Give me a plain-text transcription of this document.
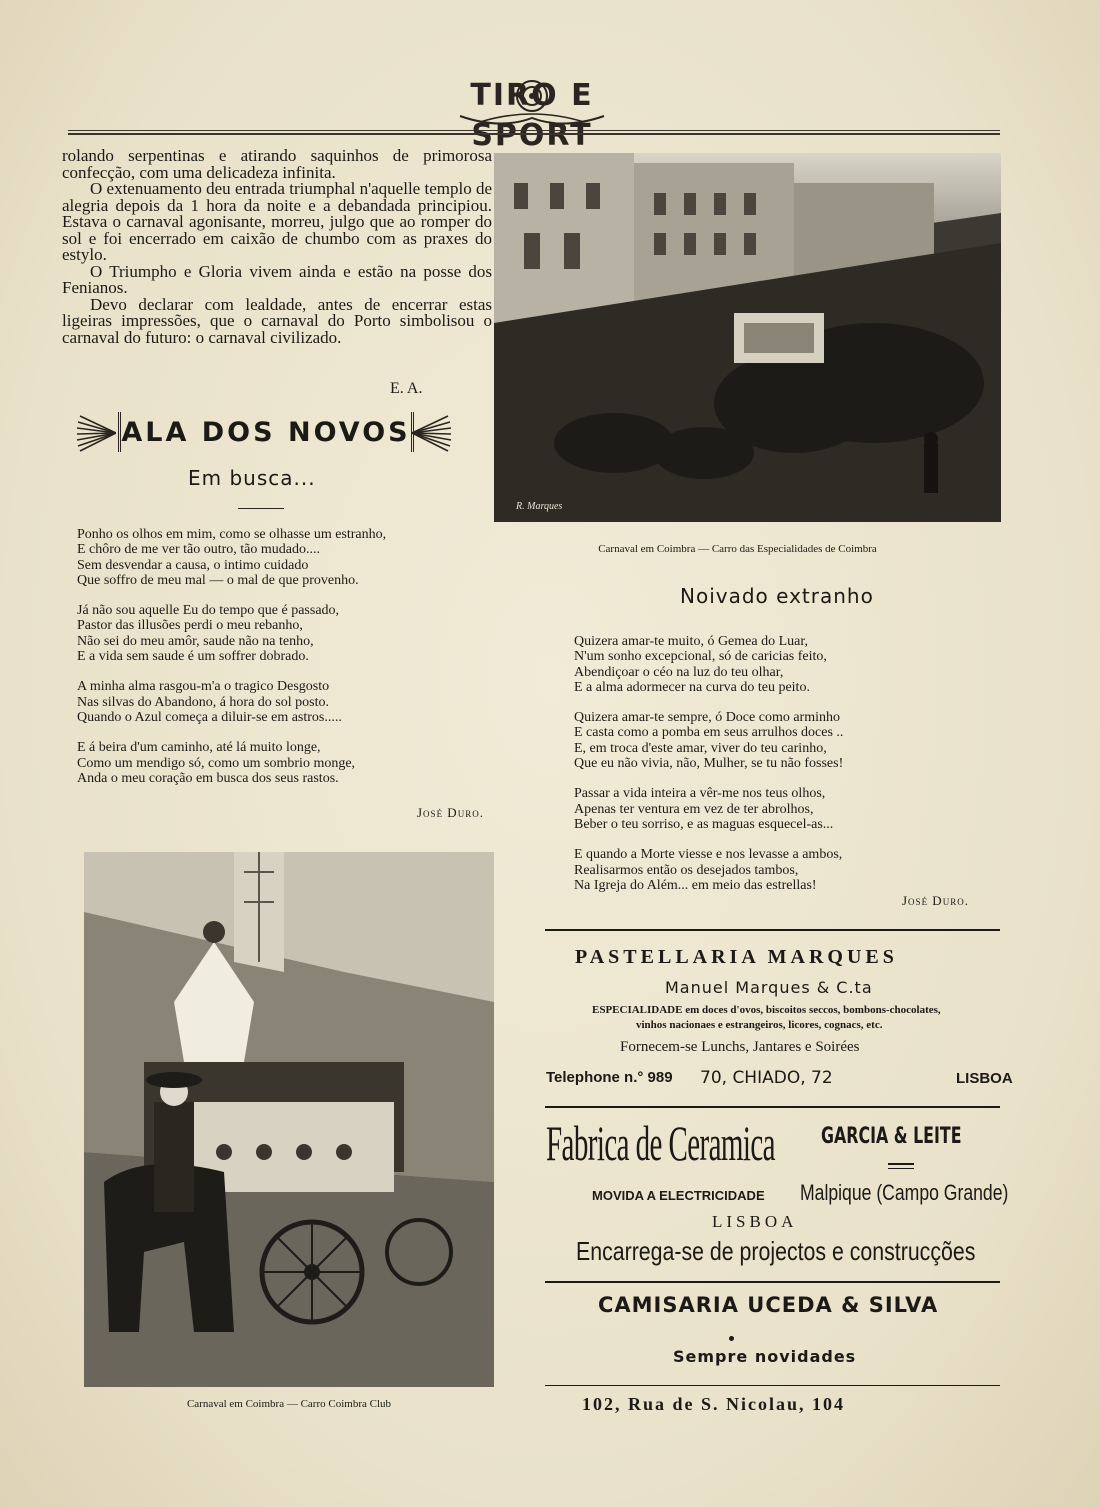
TIRO E SPORT

rolando serpentinas e atirando saquinhos de primorosa confecção, com uma delicadeza infinita.

O extenuamento deu entrada triumphal n'aquelle templo de alegria depois da 1 hora da noite e a debandada principiou. Estava o carnaval agonisante, morreu, julgo que ao romper do sol e foi encerrado em caixão de chumbo com as praxes do estylo.

O Triumpho e Gloria vivem ainda e estão na posse dos Fenianos.

Devo declarar com lealdade, antes de encerrar estas ligeiras impressões, que o carnaval do Porto simbolisou o carnaval do futuro: o carnaval civilizado.

E. A.
ALA DOS NOVOS
Em busca...
Ponho os olhos em mim, como se olhasse um estranho,
E chôro de me ver tão outro, tão mudado....
Sem desvendar a causa, o intimo cuidado
Que soffro de meu mal — o mal de que provenho.
Já não sou aquelle Eu do tempo que é passado,
Pastor das illusões perdi o meu rebanho,
Não sei do meu amôr, saude não na tenho,
E a vida sem saude é um soffrer dobrado.
A minha alma rasgou-m'a o tragico Desgosto
Nas silvas do Abandono, á hora do sol posto.
Quando o Azul começa a diluir-se em astros.....
E á beira d'um caminho, até lá muito longe,
Como um mendigo só, como um sombrio monge,
Anda o meu coração em busca dos seus rastos.
José Duro.
R. Marques
Carnaval em Coimbra — Carro das Especialidades de Coimbra
Noivado extranho
Quizera amar-te muito, ó Gemea do Luar,
N'um sonho excepcional, só de caricias feito,
Abendiçoar o céo na luz do teu olhar,
E a alma adormecer na curva do teu peito.
Quizera amar-te sempre, ó Doce como arminho
E casta como a pomba em seus arrulhos doces ..
E, em troca d'este amar, viver do teu carinho,
Que eu não vivia, não, Mulher, se tu não fosses!
Passar a vida inteira a vêr-me nos teus olhos,
Apenas ter ventura em vez de ter abrolhos,
Beber o teu sorriso, e as maguas esquecel-as...
E quando a Morte viesse e nos levasse a ambos,
Realisarmos então os desejados tambos,
Na Igreja do Além... em meio das estrellas!
José Duro.
Carnaval em Coimbra — Carro Coimbra Club
PASTELLARIA MARQUES
Manuel Marques & C.ta
ESPECIALIDADE em doces d'ovos, biscoitos seccos, bombons-chocolates,
vinhos nacionaes e estrangeiros, licores, cognacs, etc.
Fornecem-se Lunchs, Jantares e Soirées
Telephone n.° 989 70, CHIADO, 72	LISBOA
Fabrica de Ceramica GARCIA & LEITE
MOVIDA A ELECTRICIDADE Malpique (Campo Grande)
LISBOA
Encarrega-se de projectos e construcções
CAMISARIA UCEDA & SILVA
Sempre novidades
102, Rua de S. Nicolau, 104
